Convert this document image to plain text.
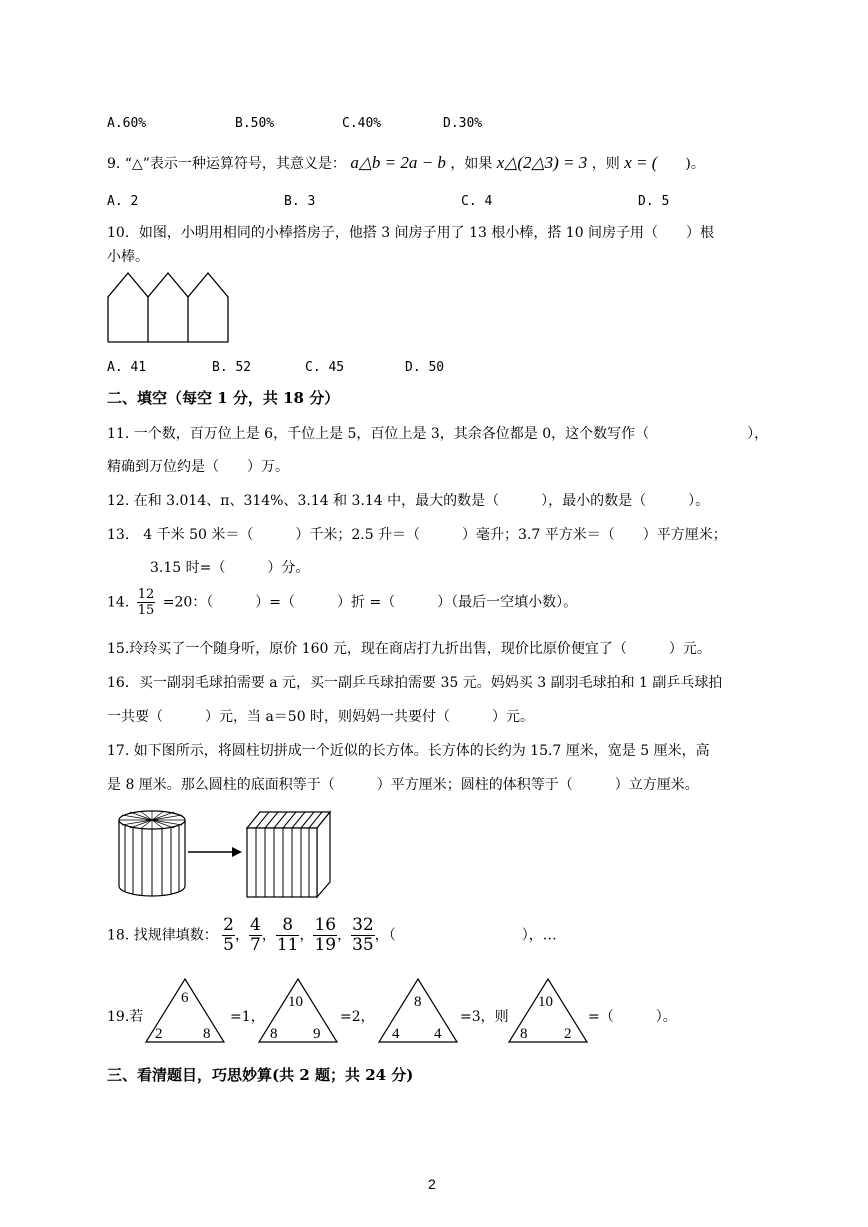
A.60%	B.50%	C.40%	D.30%
9. “△”表示一种运算符号，其意义是： a△b = 2a − b ，如果 x△(2△3) = 3 ，则 x = (　　)。
A. 2	B. 3	C. 4	D. 5
10．如图，小明用相同的小棒搭房子，他搭 3 间房子用了 13 根小棒，搭 10 间房子用（　　）根
小棒。
A. 41	B. 52	C. 45	D. 50
二、填空（每空 1 分，共 18 分）
11. 一个数，百万位上是 6，千位上是 5，百位上是 3，其余各位都是 0，这个数写作（　　　　　　　），
精确到万位约是（　　）万。
12. 在和 3.014、π、314%、3.14 和 3.14 中，最大的数是（　　　），最小的数是（　　　）。
13.　4 千米 50 米＝（　　　）千米；2.5 升＝（　　　）毫升；3.7 平方米＝（　　）平方厘米；
3.15 时=（　　　）分。
14. $\frac{12}{15} =20$：（　　　）=（　　　）折 =（　　　）（最后一空填小数）。
15.玲玲买了一个随身听，原价 160 元，现在商店打九折出售，现价比原价便宜了（　　　）元。
16．买一副羽毛球拍需要 a 元，买一副乒乓球拍需要 35 元。妈妈买 3 副羽毛球拍和 1 副乒乓球拍
一共要（　　　）元，当 a＝50 时，则妈妈一共要付（　　　）元。
17. 如下图所示，将圆柱切拼成一个近似的长方体。长方体的长约为 15.7 厘米，宽是 5 厘米，高
是 8 厘米。那么圆柱的底面积等于（　　　）平方厘米；圆柱的体积等于（　　　）立方厘米。
18. 找规律填数： $\frac{2}{5}$ ， $\frac{4}{7}$ ， $\frac{8}{11}$ ， $\frac{16}{19}$ ， $\frac{32}{35}$ ，（　　　　　　　　　），…
19.若
6
2	8
=1，
10
8 9
=2，
8
4 4
=3，则
10
8 2
=（　　　）。
三、看清题目，巧思妙算(共 2 题；共 24 分)
2
